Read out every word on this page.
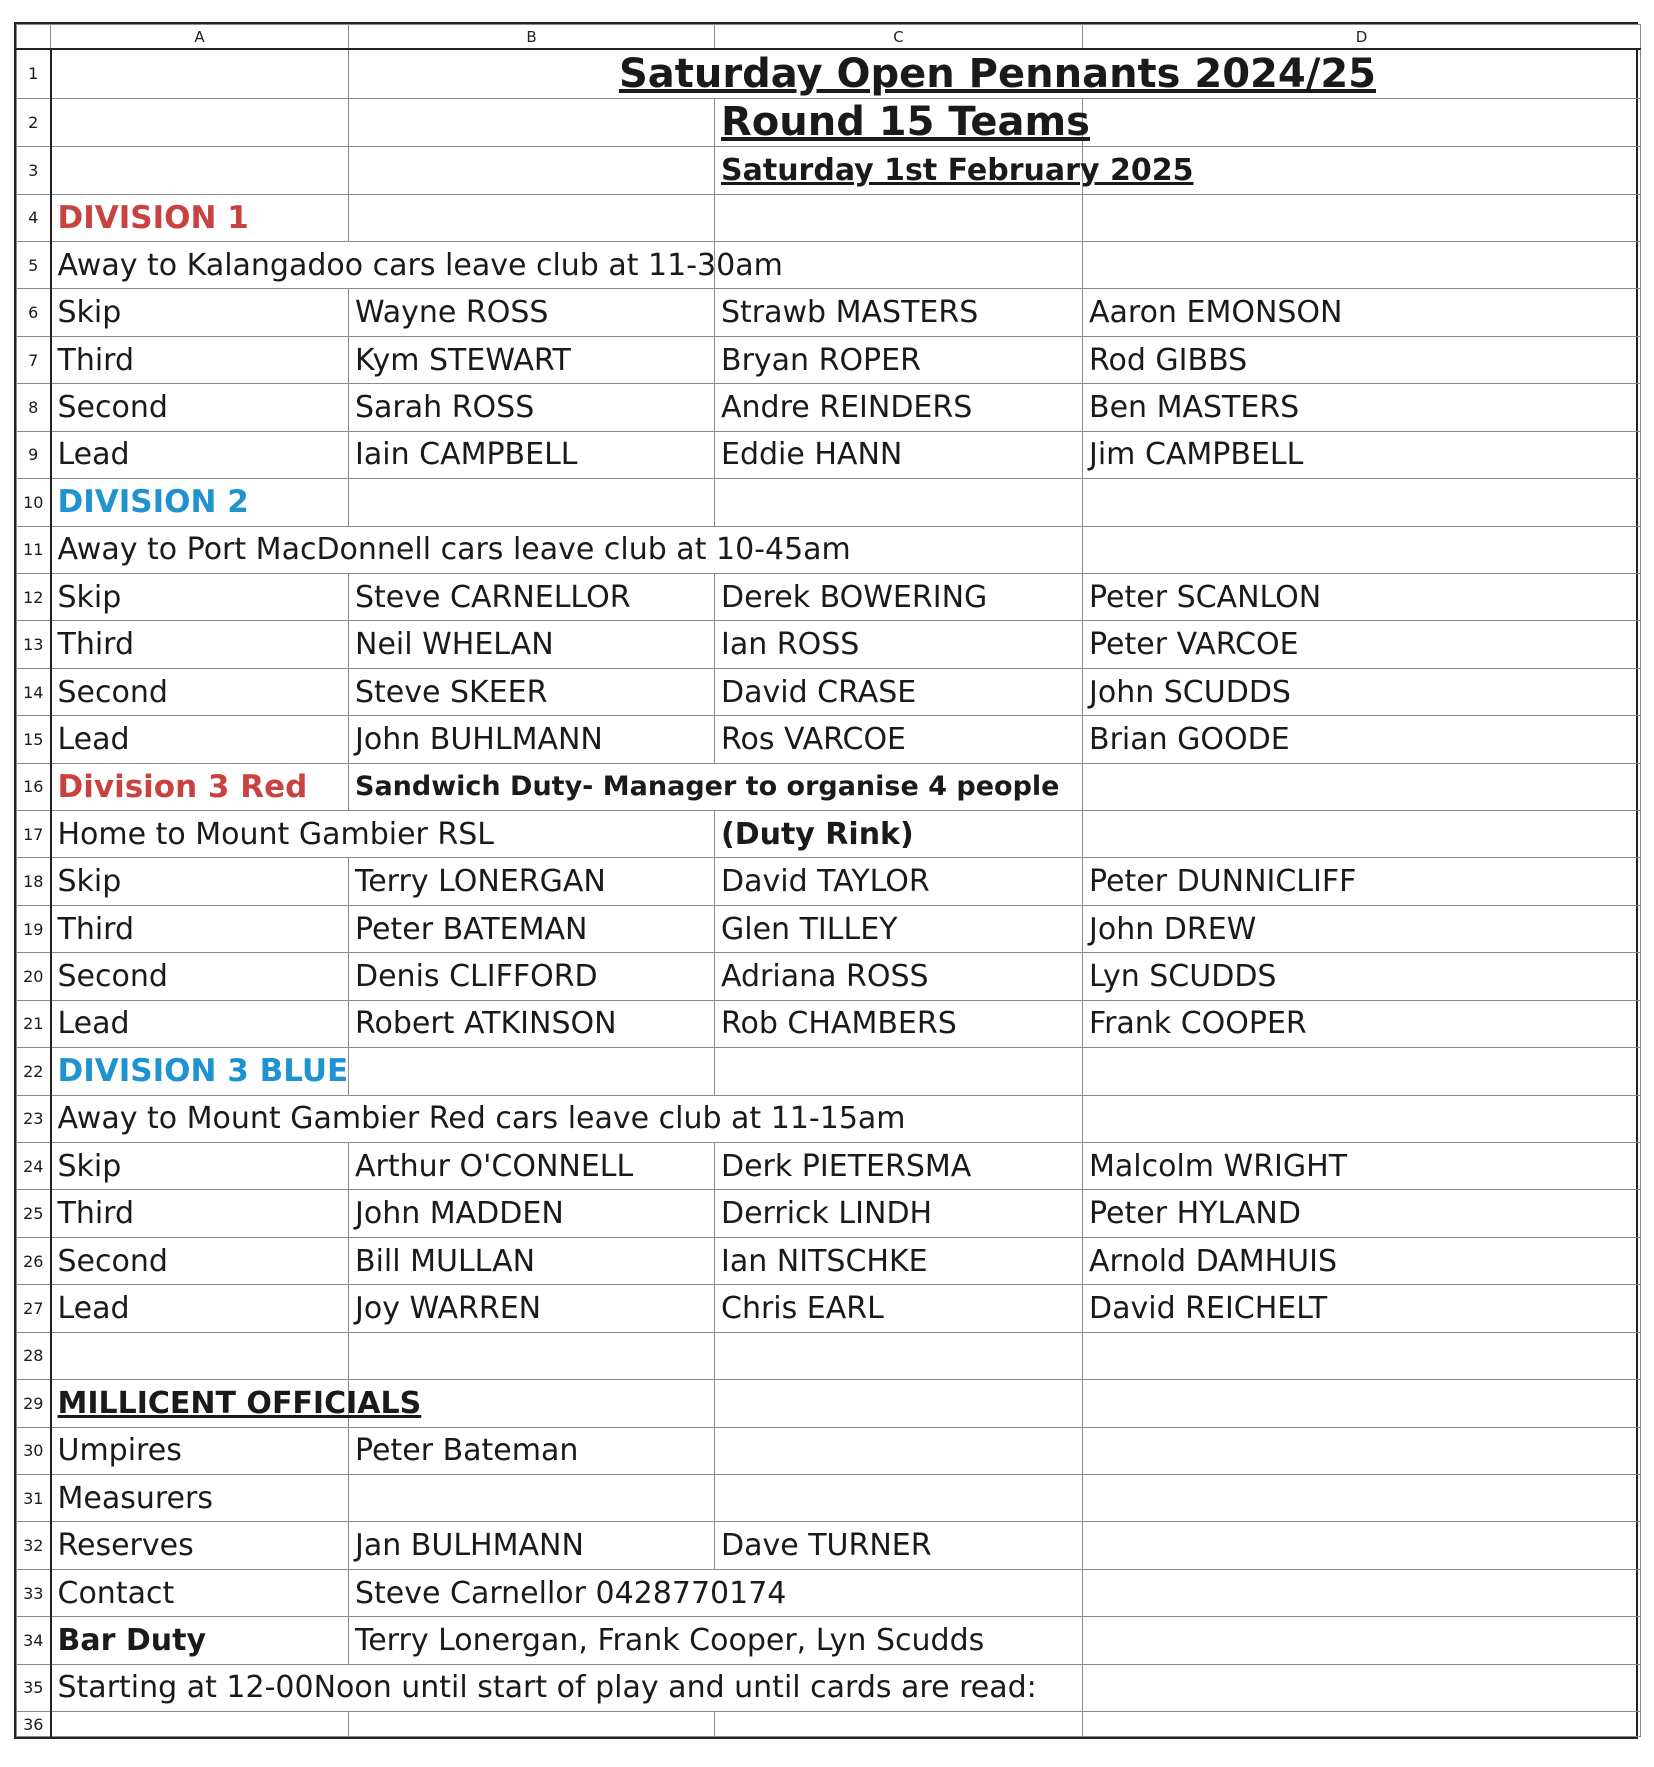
	A	B	C	D
1		Saturday Open Pennants 2024/25		
2			Round 15 Teams	
3			Saturday 1st February 2025	
4	DIVISION 1			
5	Away to Kalangadoo cars leave club at 11-30am			
6	Skip	Wayne ROSS	Strawb MASTERS	Aaron EMONSON
7	Third	Kym STEWART	Bryan ROPER	Rod GIBBS
8	Second	Sarah ROSS	Andre REINDERS	Ben MASTERS
9	Lead	Iain CAMPBELL	Eddie HANN	Jim CAMPBELL
10	DIVISION 2			
11	Away to Port MacDonnell cars leave club at 10-45am			
12	Skip	Steve CARNELLOR	Derek BOWERING	Peter SCANLON
13	Third	Neil WHELAN	Ian ROSS	Peter VARCOE
14	Second	Steve SKEER	David CRASE	John SCUDDS
15	Lead	John BUHLMANN	Ros VARCOE	Brian GOODE
16	Division 3 Red	Sandwich Duty- Manager to organise 4 people		
17	Home to Mount Gambier RSL		(Duty Rink)	
18	Skip	Terry LONERGAN	David TAYLOR	Peter DUNNICLIFF
19	Third	Peter BATEMAN	Glen TILLEY	John DREW
20	Second	Denis CLIFFORD	Adriana ROSS	Lyn SCUDDS
21	Lead	Robert ATKINSON	Rob CHAMBERS	Frank COOPER
22	DIVISION 3 BLUE			
23	Away to Mount Gambier Red cars leave club at 11-15am			
24	Skip	Arthur O'CONNELL	Derk PIETERSMA	Malcolm WRIGHT
25	Third	John MADDEN	Derrick LINDH	Peter HYLAND
26	Second	Bill MULLAN	Ian NITSCHKE	Arnold DAMHUIS
27	Lead	Joy WARREN	Chris EARL	David REICHELT
28				
29	MILLICENT OFFICIALS			
30	Umpires	Peter Bateman		
31	Measurers			
32	Reserves	Jan BULHMANN	Dave TURNER	
33	Contact	Steve Carnellor 0428770174		
34	Bar Duty	Terry Lonergan, Frank Cooper, Lyn Scudds		
35	Starting at 12-00Noon until start of play and until cards are read:			
36				
